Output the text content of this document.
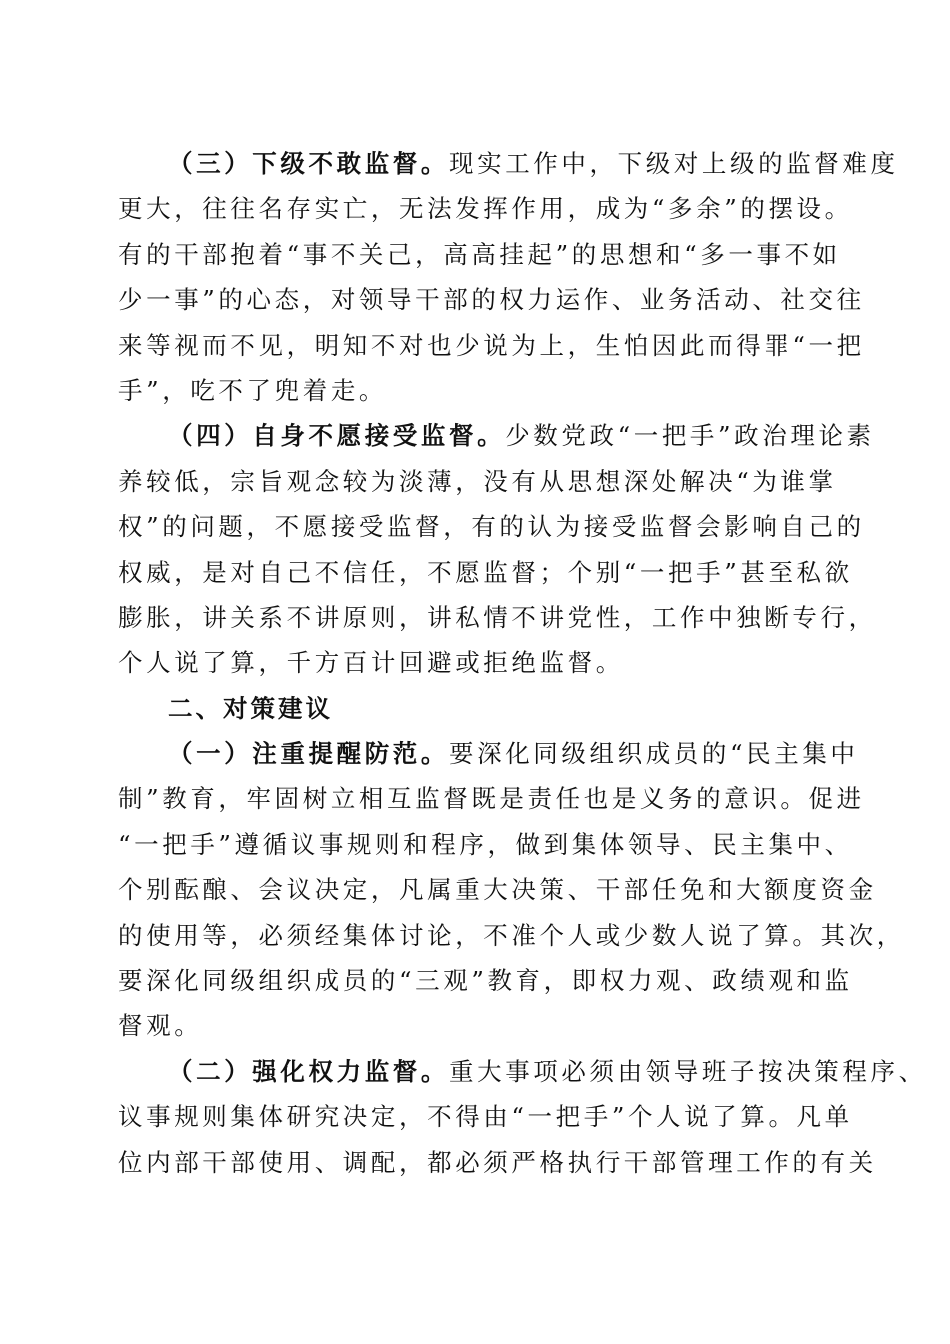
（三）下级不敢监督。现实工作中，下级对上级的监督难度
更大，往往名存实亡，无法发挥作用，成为“多余”的摆设。
有的干部抱着“事不关己，高高挂起”的思想和“多一事不如
少一事”的心态，对领导干部的权力运作、业务活动、社交往
来等视而不见，明知不对也少说为上，生怕因此而得罪“一把
手”，吃不了兜着走。
（四）自身不愿接受监督。少数党政“一把手”政治理论素
养较低，宗旨观念较为淡薄，没有从思想深处解决“为谁掌
权”的问题，不愿接受监督，有的认为接受监督会影响自己的
权威，是对自己不信任，不愿监督；个别“一把手”甚至私欲
膨胀，讲关系不讲原则，讲私情不讲党性，工作中独断专行，
个人说了算，千方百计回避或拒绝监督。
二、对策建议
（一）注重提醒防范。要深化同级组织成员的“民主集中
制”教育，牢固树立相互监督既是责任也是义务的意识。促进
“一把手”遵循议事规则和程序，做到集体领导、民主集中、
个别酝酿、会议决定，凡属重大决策、干部任免和大额度资金
的使用等，必须经集体讨论，不准个人或少数人说了算。其次，
要深化同级组织成员的“三观”教育，即权力观、政绩观和监
督观。
（二）强化权力监督。重大事项必须由领导班子按决策程序、
议事规则集体研究决定，不得由“一把手”个人说了算。凡单
位内部干部使用、调配，都必须严格执行干部管理工作的有关
